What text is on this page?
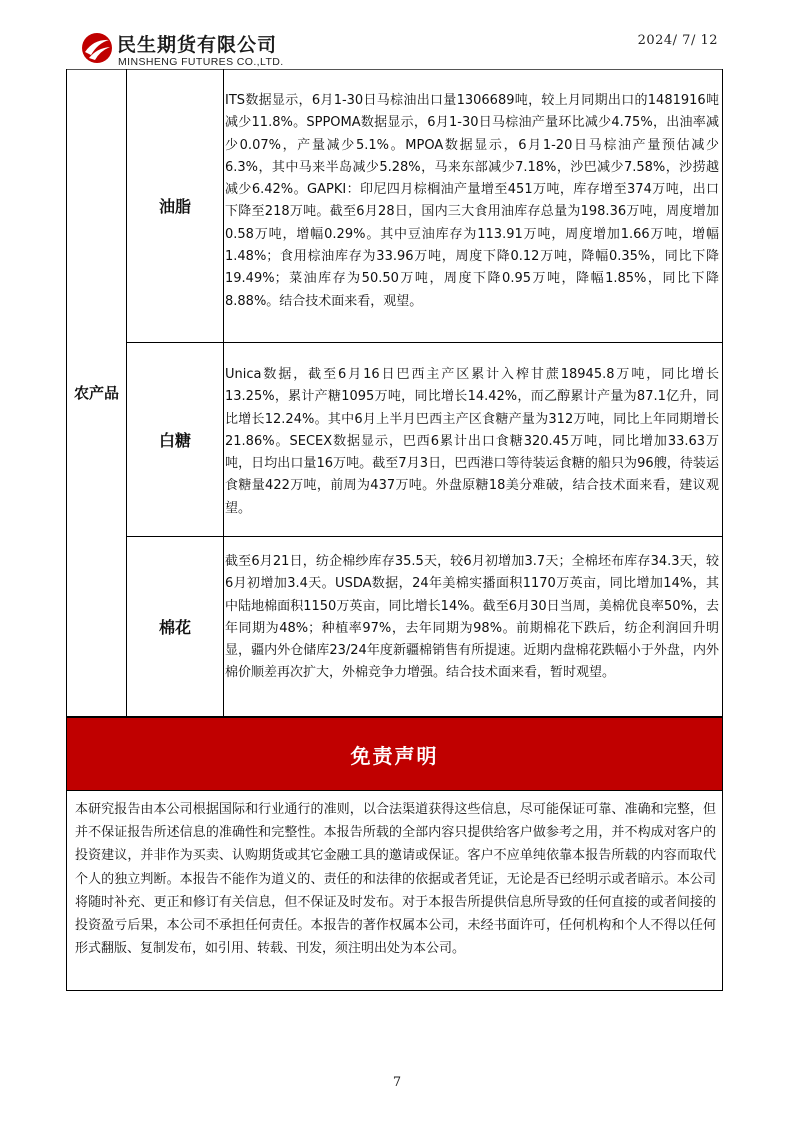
民生期货有限公司
MINSHENG FUTURES CO.,LTD.
2024/ 7/ 12
农产品
油脂
ITS数据显示，6月1-30日马棕油出口量1306689吨，较上月同期出口的1481916吨减少11.8%。SPPOMA数据显示，6月1-30日马棕油产量环比减少4.75%，出油率减少0.07%，产量减少5.1%。MPOA数据显示，6月1-20日马棕油产量预估减少6.3%，其中马来半岛减少5.28%，马来东部减少7.18%，沙巴减少7.58%，沙捞越减少6.42%。GAPKI：印尼四月棕榈油产量增至451万吨，库存增至374万吨，出口下降至218万吨。截至6月28日，国内三大食用油库存总量为198.36万吨，周度增加0.58万吨，增幅0.29%。其中豆油库存为113.91万吨，周度增加1.66万吨，增幅1.48%；食用棕油库存为33.96万吨，周度下降0.12万吨，降幅0.35%，同比下降19.49%；菜油库存为50.50万吨，周度下降0.95万吨，降幅1.85%，同比下降8.88%。结合技术面来看，观望。
白糖
Unica数据，截至6月16日巴西主产区累计入榨甘蔗18945.8万吨，同比增长13.25%，累计产糖1095万吨，同比增长14.42%，而乙醇累计产量为87.1亿升，同比增长12.24%。其中6月上半月巴西主产区食糖产量为312万吨，同比上年同期增长21.86%。SECEX数据显示，巴西6累计出口食糖320.45万吨，同比增加33.63万吨，日均出口量16万吨。截至7月3日，巴西港口等待装运食糖的船只为96艘，待装运食糖量422万吨，前周为437万吨。外盘原糖18美分难破，结合技术面来看，建议观望。
棉花
截至6月21日，纺企棉纱库存35.5天，较6月初增加3.7天；全棉坯布库存34.3天，较6月初增加3.4天。USDA数据，24年美棉实播面积1170万英亩，同比增加14%，其中陆地棉面积1150万英亩，同比增长14%。截至6月30日当周，美棉优良率50%，去年同期为48%；种植率97%，去年同期为98%。前期棉花下跌后，纺企利润回升明显，疆内外仓储库23/24年度新疆棉销售有所提速。近期内盘棉花跌幅小于外盘，内外棉价顺差再次扩大，外棉竞争力增强。结合技术面来看，暂时观望。
免责声明
本研究报告由本公司根据国际和行业通行的准则，以合法渠道获得这些信息，尽可能保证可靠、准确和完整，但并不保证报告所述信息的准确性和完整性。本报告所载的全部内容只提供给客户做参考之用，并不构成对客户的投资建议，并非作为买卖、认购期货或其它金融工具的邀请或保证。客户不应单纯依靠本报告所载的内容而取代个人的独立判断。本报告不能作为道义的、责任的和法律的依据或者凭证，无论是否已经明示或者暗示。本公司将随时补充、更正和修订有关信息，但不保证及时发布。对于本报告所提供信息所导致的任何直接的或者间接的投资盈亏后果，本公司不承担任何责任。本报告的著作权属本公司，未经书面许可，任何机构和个人不得以任何形式翻版、复制发布，如引用、转载、刊发，须注明出处为本公司。
7
